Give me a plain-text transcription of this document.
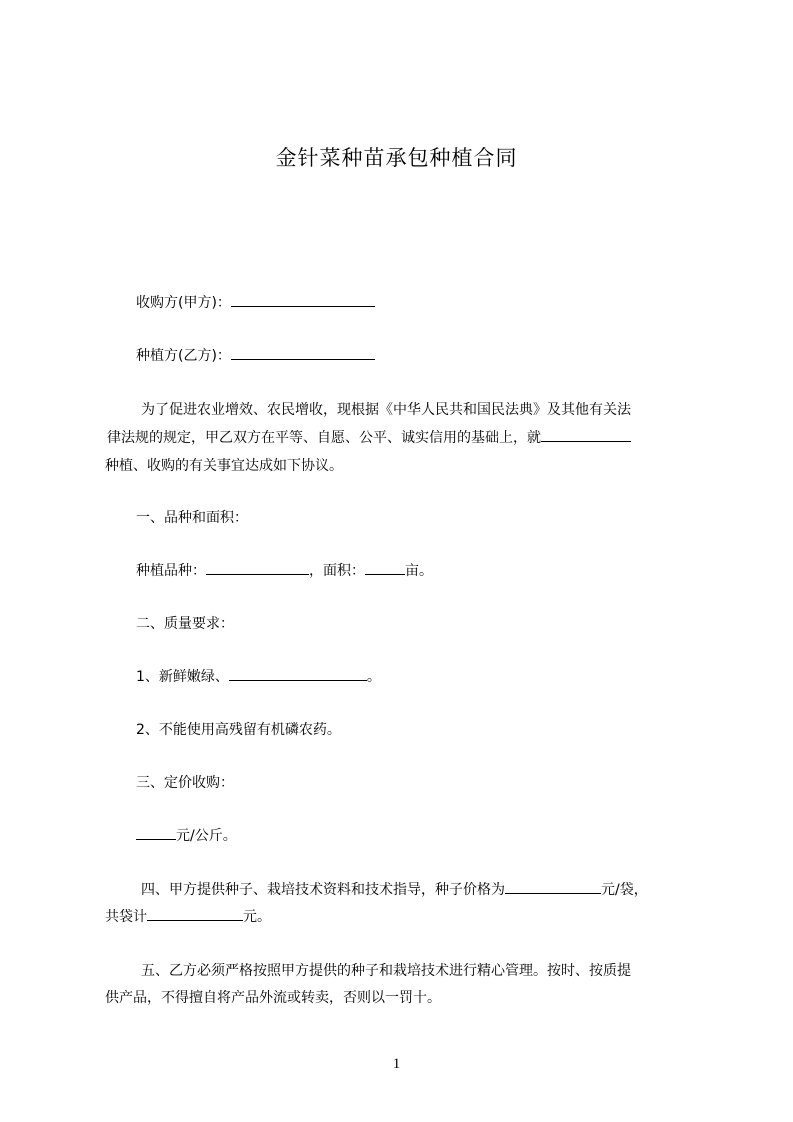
金针菜种苗承包种植合同
收购方(甲方)：
种植方(乙方)：
为了促进农业增效、农民增收，现根据《中华人民共和国民法典》及其他有关法
律法规的规定，甲乙双方在平等、自愿、公平、诚实信用的基础上，就
种植、收购的有关事宜达成如下协议。
一、品种和面积：
种植品种：	，面积：	亩。
二、质量要求：
1、新鲜嫩绿、	。
2、不能使用高残留有机磷农药。
三、定价收购：
元/公斤。
四、甲方提供种子、栽培技术资料和技术指导，种子价格为	元/袋，
共袋计	元。
五、乙方必须严格按照甲方提供的种子和栽培技术进行精心管理。按时、按质提
供产品，不得擅自将产品外流或转卖，否则以一罚十。
1
